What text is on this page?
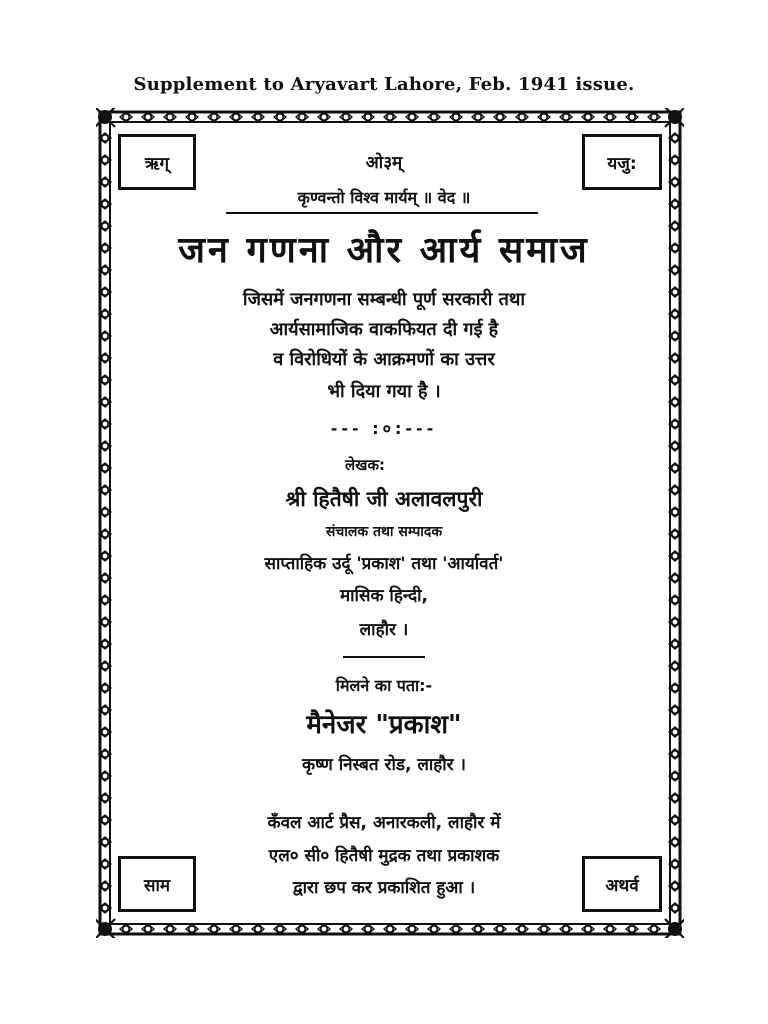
Supplement to Aryavart Lahore, Feb. 1941 issue.
ऋग्	यजु:
साम	अथर्व
ओ३म्
कृण्वन्तो विश्व मार्यम् ॥ वेद ॥
जन गणना और आर्य समाज
जिसमें जनगणना सम्बन्धी पूर्ण सरकारी तथा
आर्यसामाजिक वाकफियत दी गई है
व विरोधियों के आक्रमणों का उत्तर
भी दिया गया है ।
--- :०:---
लेखक:
श्री हितैषी जी अलावलपुरी
संचालक तथा सम्पादक
साप्ताहिक उर्दू 'प्रकाश' तथा 'आर्यावर्त'
मासिक हिन्दी,
लाहौर ।
मिलने का पता:-
मैनेजर "प्रकाश"
कृष्ण निस्बत रोड, लाहौर ।
कँवल आर्ट प्रैस, अनारकली, लाहौर में
एल० सी० हितैषी मुद्रक तथा प्रकाशक
द्वारा छप कर प्रकाशित हुआ ।
